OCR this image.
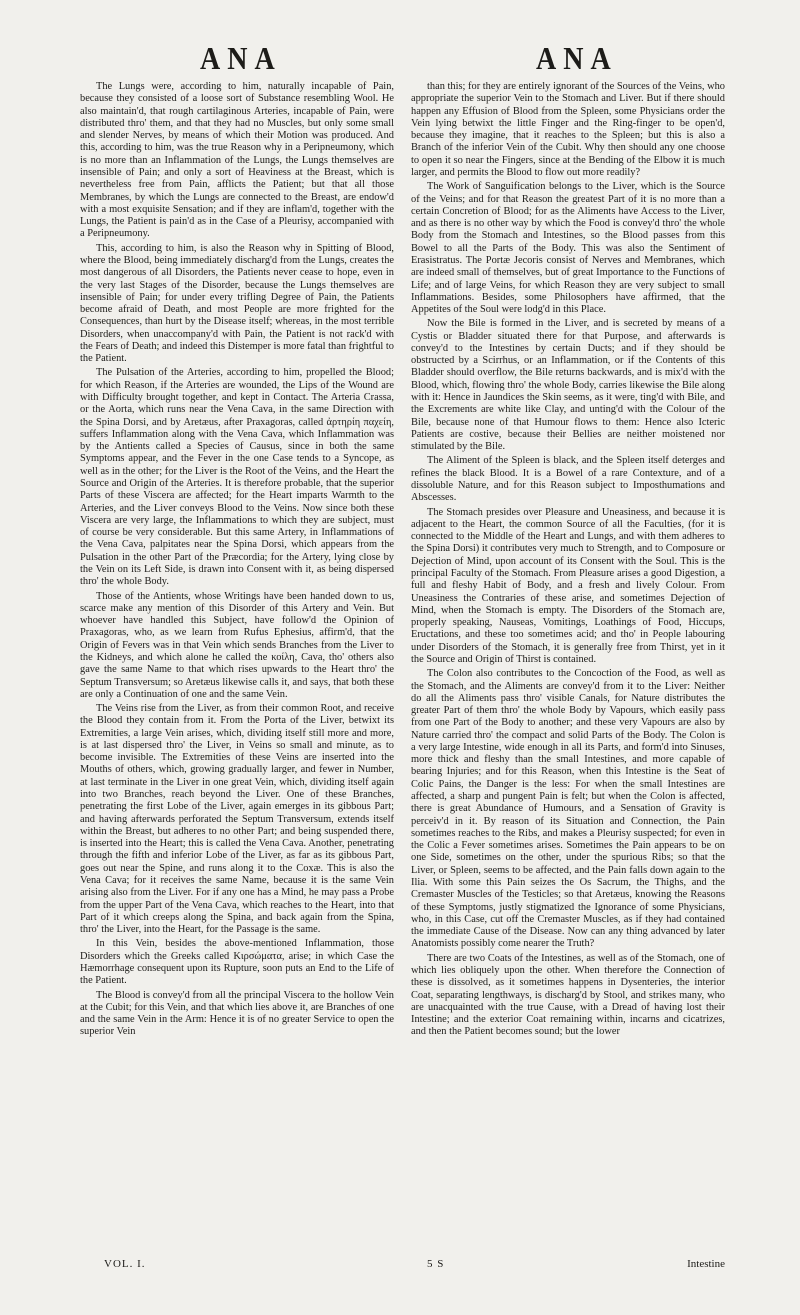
ANA	ANA

The Lungs were, according to him, naturally incapable of Pain, because they consisted of a loose sort of Substance resembling Wool. He also maintain'd, that rough cartilaginous Arteries, incapable of Pain, were distributed thro' them, and that they had no Muscles, but only some small and slender Nerves, by means of which their Motion was produced. And this, according to him, was the true Reason why in a Peripneumony, which is no more than an Inflammation of the Lungs, the Lungs themselves are insensible of Pain; and only a sort of Heaviness at the Breast, which is nevertheless free from Pain, afflicts the Patient; but that all those Membranes, by which the Lungs are connected to the Breast, are endow'd with a most exquisite Sensation; and if they are inflam'd, together with the Lungs, the Patient is pain'd as in the Case of a Pleurisy, accompanied with a Peripneumony.

This, according to him, is also the Reason why in Spitting of Blood, where the Blood, being immediately discharg'd from the Lungs, creates the most dangerous of all Disorders, the Patients never cease to hope, even in the very last Stages of the Disorder, because the Lungs themselves are insensible of Pain; for under every trifling Degree of Pain, the Patients become afraid of Death, and most People are more frighted for the Consequences, than hurt by the Disease itself; whereas, in the most terrible Disorders, when unaccompany'd with Pain, the Patient is not rack'd with the Fears of Death; and indeed this Distemper is more fatal than frightful to the Patient.

The Pulsation of the Arteries, according to him, propelled the Blood; for which Reason, if the Arteries are wounded, the Lips of the Wound are with Difficulty brought together, and kept in Contact. The Arteria Crassa, or the Aorta, which runs near the Vena Cava, in the same Direction with the Spina Dorsi, and by Aretæus, after Praxagoras, called ἀρτηρίη παχείη, suffers Inflammation along with the Vena Cava, which Inflammation was by the Antients called a Species of Causus, since in both the same Symptoms appear, and the Fever in the one Case tends to a Syncope, as well as in the other; for the Liver is the Root of the Veins, and the Heart the Source and Origin of the Arteries. It is therefore probable, that the superior Parts of these Viscera are affected; for the Heart imparts Warmth to the Arteries, and the Liver conveys Blood to the Veins. Now since both these Viscera are very large, the Inflammations to which they are subject, must of course be very considerable. But this same Artery, in Inflammations of the Vena Cava, palpitates near the Spina Dorsi, which appears from the Pulsation in the other Part of the Præcordia; for the Artery, lying close by the Vein on its Left Side, is drawn into Consent with it, as being dispersed thro' the whole Body.

Those of the Antients, whose Writings have been handed down to us, scarce make any mention of this Disorder of this Artery and Vein. But whoever have handled this Subject, have follow'd the Opinion of Praxagoras, who, as we learn from Rufus Ephesius, affirm'd, that the Origin of Fevers was in that Vein which sends Branches from the Liver to the Kidneys, and which alone he called the κοίλη, Cava, tho' others also gave the same Name to that which rises upwards to the Heart thro' the Septum Transversum; so Aretæus likewise calls it, and says, that both these are only a Continuation of one and the same Vein.

The Veins rise from the Liver, as from their common Root, and receive the Blood they contain from it. From the Porta of the Liver, betwixt its Extremities, a large Vein arises, which, dividing itself still more and more, is at last dispersed thro' the Liver, in Veins so small and minute, as to become invisible. The Extremities of these Veins are inserted into the Mouths of others, which, growing gradually larger, and fewer in Number, at last terminate in the Liver in one great Vein, which, dividing itself again into two Branches, reach beyond the Liver. One of these Branches, penetrating the first Lobe of the Liver, again emerges in its gibbous Part; and having afterwards perforated the Septum Transversum, extends itself within the Breast, but adheres to no other Part; and being suspended there, is inserted into the Heart; this is called the Vena Cava. Another, penetrating through the fifth and inferior Lobe of the Liver, as far as its gibbous Part, goes out near the Spine, and runs along it to the Coxæ. This is also the Vena Cava; for it receives the same Name, because it is the same Vein arising also from the Liver. For if any one has a Mind, he may pass a Probe from the upper Part of the Vena Cava, which reaches to the Heart, into that Part of it which creeps along the Spina, and back again from the Spina, thro' the Liver, into the Heart, for the Passage is the same.

In this Vein, besides the above-mentioned Inflammation, those Disorders which the Greeks called Κιρσώματα, arise; in which Case the Hæmorrhage consequent upon its Rupture, soon puts an End to the Life of the Patient.

The Blood is convey'd from all the principal Viscera to the hollow Vein at the Cubit; for this Vein, and that which lies above it, are Branches of one and the same Vein in the Arm: Hence it is of no greater Service to open the superior Vein

than this; for they are entirely ignorant of the Sources of the Veins, who appropriate the superior Vein to the Stomach and Liver. But if there should happen any Effusion of Blood from the Spleen, some Physicians order the Vein lying betwixt the little Finger and the Ring-finger to be open'd, because they imagine, that it reaches to the Spleen; but this is also a Branch of the inferior Vein of the Cubit. Why then should any one choose to open it so near the Fingers, since at the Bending of the Elbow it is much larger, and permits the Blood to flow out more readily?

The Work of Sanguification belongs to the Liver, which is the Source of the Veins; and for that Reason the greatest Part of it is no more than a certain Concretion of Blood; for as the Aliments have Access to the Liver, and as there is no other way by which the Food is convey'd thro' the whole Body from the Stomach and Intestines, so the Blood passes from this Bowel to all the Parts of the Body. This was also the Sentiment of Erasistratus. The Portæ Jecoris consist of Nerves and Membranes, which are indeed small of themselves, but of great Importance to the Functions of Life; and of large Veins, for which Reason they are very subject to small Inflammations. Besides, some Philosophers have affirmed, that the Appetites of the Soul were lodg'd in this Place.

Now the Bile is formed in the Liver, and is secreted by means of a Cystis or Bladder situated there for that Purpose, and afterwards is convey'd to the Intestines by certain Ducts; and if they should be obstructed by a Scirrhus, or an Inflammation, or if the Contents of this Bladder should overflow, the Bile returns backwards, and is mix'd with the Blood, which, flowing thro' the whole Body, carries likewise the Bile along with it: Hence in Jaundices the Skin seems, as it were, ting'd with Bile, and the Excrements are white like Clay, and unting'd with the Colour of the Bile, because none of that Humour flows to them: Hence also Icteric Patients are costive, because their Bellies are neither moistened nor stimulated by the Bile.

The Aliment of the Spleen is black, and the Spleen itself deterges and refines the black Blood. It is a Bowel of a rare Contexture, and of a dissoluble Nature, and for this Reason subject to Imposthumations and Abscesses.

The Stomach presides over Pleasure and Uneasiness, and because it is adjacent to the Heart, the common Source of all the Faculties, (for it is connected to the Middle of the Heart and Lungs, and with them adheres to the Spina Dorsi) it contributes very much to Strength, and to Composure or Dejection of Mind, upon account of its Consent with the Soul. This is the principal Faculty of the Stomach. From Pleasure arises a good Digestion, a full and fleshy Habit of Body, and a fresh and lively Colour. From Uneasiness the Contraries of these arise, and sometimes Dejection of Mind, when the Stomach is empty. The Disorders of the Stomach are, properly speaking, Nauseas, Vomitings, Loathings of Food, Hiccups, Eructations, and these too sometimes acid; and tho' in People labouring under Disorders of the Stomach, it is generally free from Thirst, yet in it the Source and Origin of Thirst is contained.

The Colon also contributes to the Concoction of the Food, as well as the Stomach, and the Aliments are convey'd from it to the Liver: Neither do all the Aliments pass thro' visible Canals, for Nature distributes the greater Part of them thro' the whole Body by Vapours, which easily pass from one Part of the Body to another; and these very Vapours are also by Nature carried thro' the compact and solid Parts of the Body. The Colon is a very large Intestine, wide enough in all its Parts, and form'd into Sinuses, more thick and fleshy than the small Intestines, and more capable of bearing Injuries; and for this Reason, when this Intestine is the Seat of Colic Pains, the Danger is the less: For when the small Intestines are affected, a sharp and pungent Pain is felt; but when the Colon is affected, there is great Abundance of Humours, and a Sensation of Gravity is perceiv'd in it. By reason of its Situation and Connection, the Pain sometimes reaches to the Ribs, and makes a Pleurisy suspected; for even in the Colic a Fever sometimes arises. Sometimes the Pain appears to be on one Side, sometimes on the other, under the spurious Ribs; so that the Liver, or Spleen, seems to be affected, and the Pain falls down again to the Ilia. With some this Pain seizes the Os Sacrum, the Thighs, and the Cremaster Muscles of the Testicles; so that Aretæus, knowing the Reasons of these Symptoms, justly stigmatized the Ignorance of some Physicians, who, in this Case, cut off the Cremaster Muscles, as if they had contained the immediate Cause of the Disease. Now can any thing advanced by later Anatomists possibly come nearer the Truth?

There are two Coats of the Intestines, as well as of the Stomach, one of which lies obliquely upon the other. When therefore the Connection of these is dissolved, as it sometimes happens in Dysenteries, the interior Coat, separating lengthways, is discharg'd by Stool, and strikes many, who are unacquainted with the true Cause, with a Dread of having lost their Intestine; and the exterior Coat remaining within, incarns and cicatrizes, and then the Patient becomes sound; but the lower

VOL. I.	5 S	Intestine
